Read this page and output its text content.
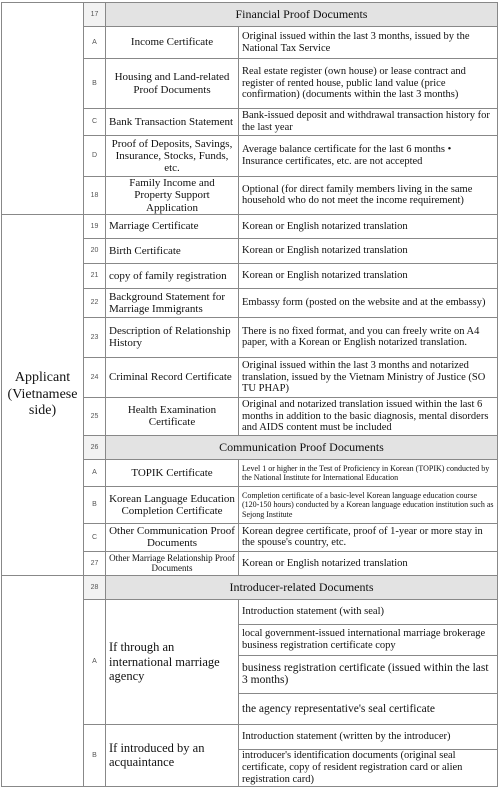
	17	Financial Proof Documents	
	A	Income Certificate	Original issued within the last 3 months, issued by the National Tax Service
	B	Housing and Land-related Proof Documents	Real estate register (own house) or lease contract and register of rented house, public land value (price confirmation) (documents within the last 3 months)
	C	Bank Transaction Statement	Bank-issued deposit and withdrawal transaction history for the last year
	D	Proof of Deposits, Savings, Insurance, Stocks, Funds, etc.	Average balance certificate for the last 6 months • Insurance certificates, etc. are not accepted
	18	Family Income and Property Support Application	Optional (for direct family members living in the same household who do not meet the income requirement)
Applicant (Vietnamese side)	19	Marriage Certificate	Korean or English notarized translation
	20	Birth Certificate	Korean or English notarized translation
	21	copy of family registration	Korean or English notarized translation
	22	Background Statement for Marriage Immigrants	Embassy form (posted on the website and at the embassy)
	23	Description of Relationship History	There is no fixed format, and you can freely write on A4 paper, with a Korean or English notarized translation.
	24	Criminal Record Certificate	Original issued within the last 3 months and notarized translation, issued by the Vietnam Ministry of Justice (SO TU PHAP)
	25	Health Examination Certificate	Original and notarized translation issued within the last 6 months in addition to the basic diagnosis, mental disorders and AIDS content must be included
	26	Communication Proof Documents	
	A	TOPIK Certificate	Level 1 or higher in the Test of Proficiency in Korean (TOPIK) conducted by the National Institute for International Education
	B	Korean Language Education Completion Certificate	Completion certificate of a basic-level Korean language education course (120-150 hours) conducted by a Korean language education institution such as Sejong Institute
	C	Other Communication Proof Documents	Korean degree certificate, proof of 1-year or more stay in the spouse's country, etc.
	27	Other Marriage Relationship Proof Documents	Korean or English notarized translation
	28	Introducer-related Documents	
	A	If through an international marriage agency	Introduction statement (with seal)
			local government-issued international marriage brokerage business registration certificate copy
			business registration certificate (issued within the last 3 months)
			the agency representative's seal certificate
	B	If introduced by an acquaintance	Introduction statement (written by the introducer)
			introducer's identification documents (original seal certificate, copy of resident registration card or alien registration card)
